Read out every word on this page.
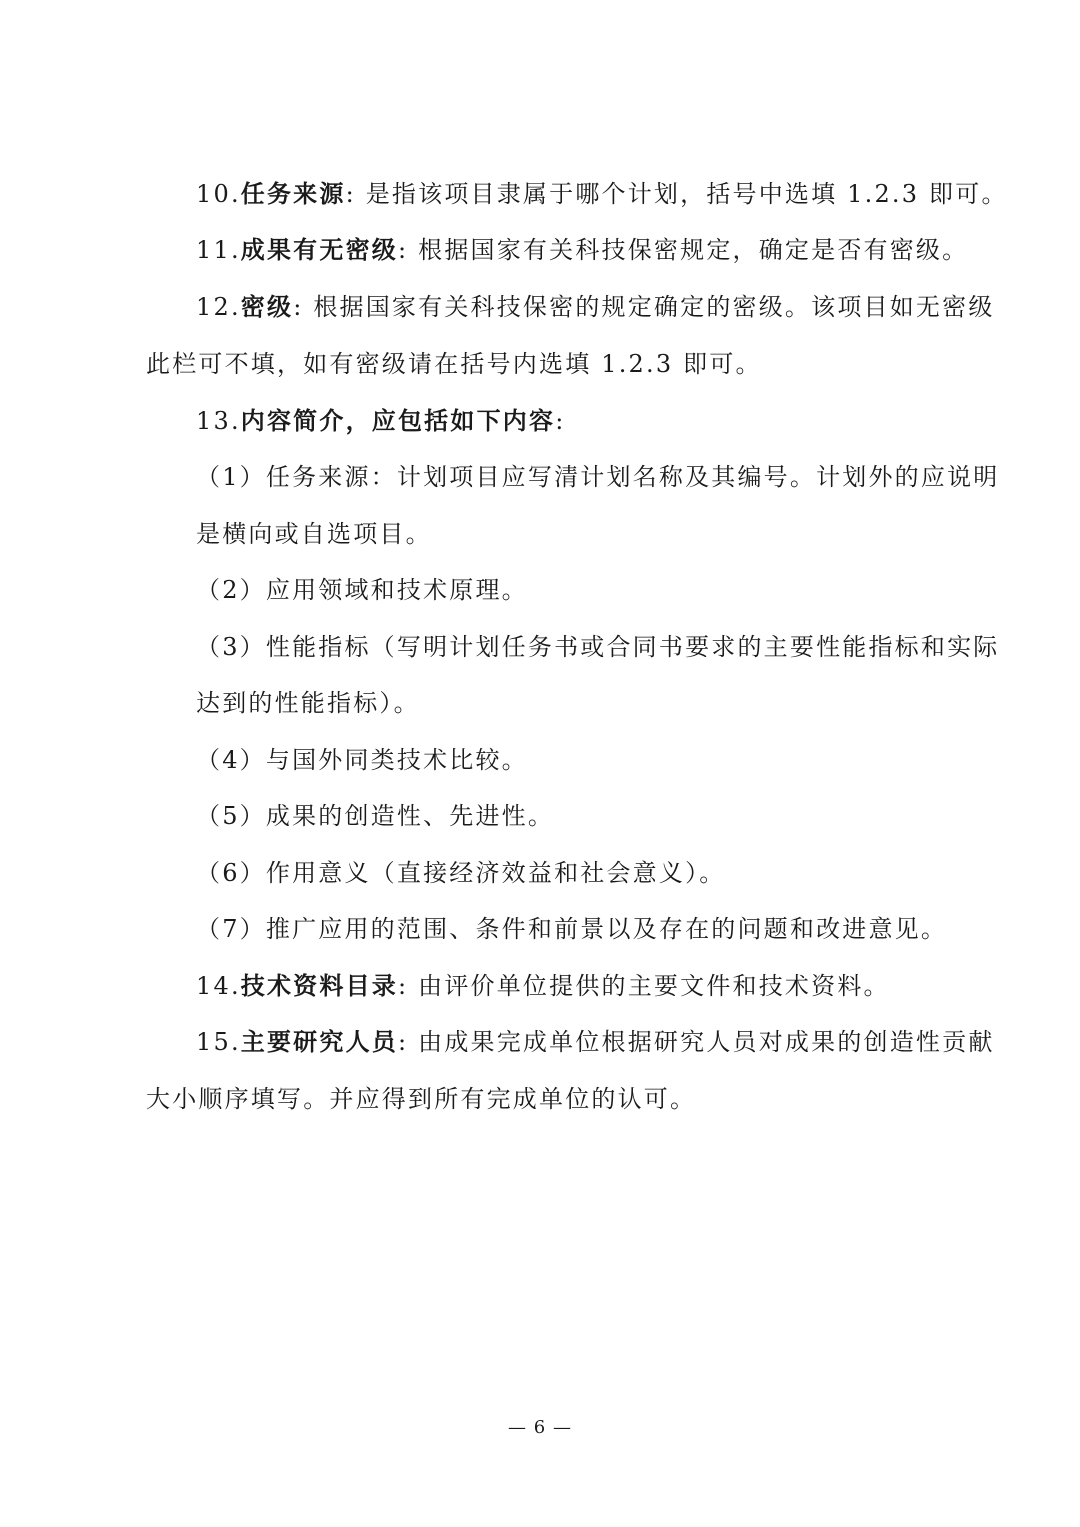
10.任务来源: 是指该项目隶属于哪个计划，括号中选填 1.2.3 即可。
11.成果有无密级: 根据国家有关科技保密规定，确定是否有密级。
12.密级: 根据国家有关科技保密的规定确定的密级。该项目如无密级
此栏可不填，如有密级请在括号内选填 1.2.3 即可。
13.内容简介，应包括如下内容:
（1）任务来源：计划项目应写清计划名称及其编号。计划外的应说明
是横向或自选项目。
（2）应用领域和技术原理。
（3）性能指标（写明计划任务书或合同书要求的主要性能指标和实际
达到的性能指标）。
（4）与国外同类技术比较。
（5）成果的创造性、先进性。
（6）作用意义（直接经济效益和社会意义）。
（7）推广应用的范围、条件和前景以及存在的问题和改进意见。
14.技术资料目录: 由评价单位提供的主要文件和技术资料。
15.主要研究人员: 由成果完成单位根据研究人员对成果的创造性贡献
大小顺序填写。并应得到所有完成单位的认可。
— 6 —
